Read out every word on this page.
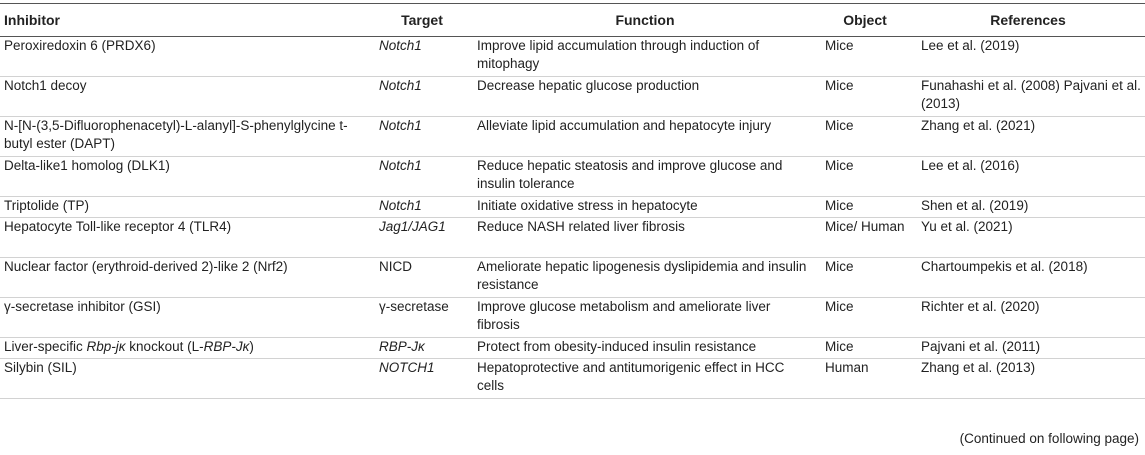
Inhibitor	Target	Function	Object	References
Peroxiredoxin 6 (PRDX6)	Notch1	Improve lipid accumulation through induction of mitophagy	Mice	Lee et al. (2019)
Notch1 decoy	Notch1	Decrease hepatic glucose production	Mice	Funahashi et al. (2008) Pajvani et al. (2013)
N-[N-(3,5-Difluorophenacetyl)-L-alanyl]-S-phenylglycine t-butyl ester (DAPT)	Notch1	Alleviate lipid accumulation and hepatocyte injury	Mice	Zhang et al. (2021)
Delta-like1 homolog (DLK1)	Notch1	Reduce hepatic steatosis and improve glucose and insulin tolerance	Mice	Lee et al. (2016)
Triptolide (TP)	Notch1	Initiate oxidative stress in hepatocyte	Mice	Shen et al. (2019)
Hepatocyte Toll-like receptor 4 (TLR4)	Jag1/JAG1	Reduce NASH related liver fibrosis	Mice/ Human	Yu et al. (2021)
Nuclear factor (erythroid-derived 2)-like 2 (Nrf2)	NICD	Ameliorate hepatic lipogenesis dyslipidemia and insulin resistance	Mice	Chartoumpekis et al. (2018)
γ-secretase inhibitor (GSI)	γ-secretase	Improve glucose metabolism and ameliorate liver fibrosis	Mice	Richter et al. (2020)
Liver-specific Rbp-jκ knockout (L-RBP-Jκ)	RBP-Jκ	Protect from obesity-induced insulin resistance	Mice	Pajvani et al. (2011)
Silybin (SIL)	NOTCH1	Hepatoprotective and antitumorigenic effect in HCC cells	Human	Zhang et al. (2013)
(Continued on following page)
